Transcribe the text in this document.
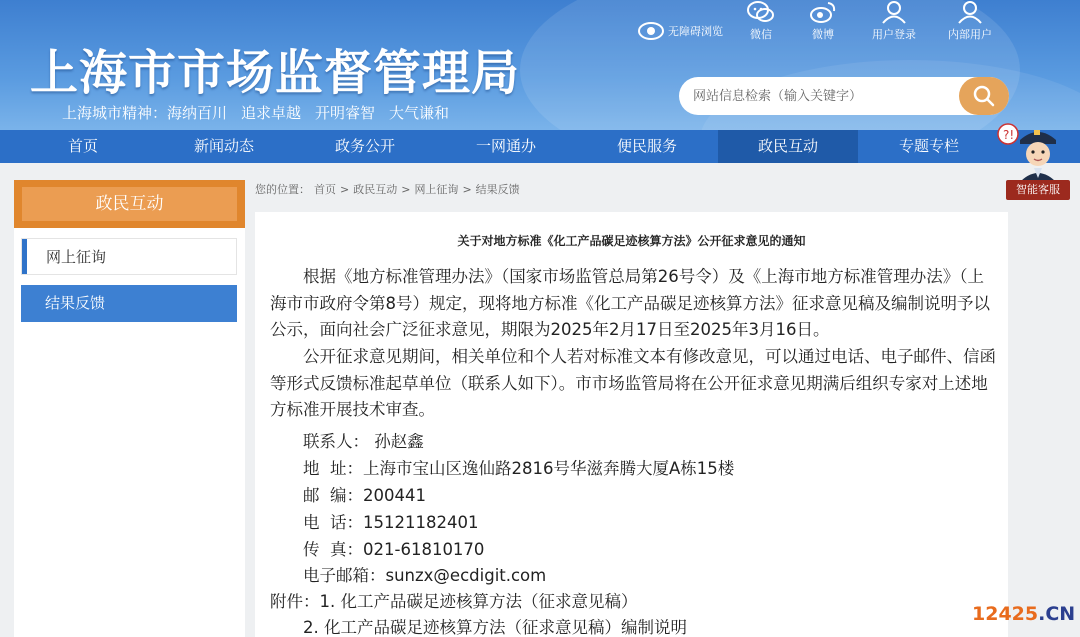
上海市市场监督管理局
上海城市精神：海纳百川 追求卓越 开明睿智 大气谦和
无障碍浏览	微信	微博	用户登录	内部用户
网站信息检索（输入关键字）
首页	新闻动态	政务公开	一网通办	便民服务	政民互动	专题专栏
?!
智能客服
政民互动
网上征询
结果反馈
您的位置： 首页 > 政民互动 > 网上征询 > 结果反馈
关于对地方标准《化工产品碳足迹核算方法》公开征求意见的通知
根据《地方标准管理办法》（国家市场监管总局第26号令）及《上海市地方标准管理办法》（上海市市政府令第8号）规定，现将地方标准《化工产品碳足迹核算方法》征求意见稿及编制说明予以公示，面向社会广泛征求意见，期限为2025年2月17日至2025年3月16日。
公开征求意见期间，相关单位和个人若对标准文本有修改意见，可以通过电话、电子邮件、信函等形式反馈标准起草单位（联系人如下）。市市场监管局将在公开征求意见期满后组织专家对上述地方标准开展技术审查。
联系人： 孙赵鑫
地  址：上海市宝山区逸仙路2816号华滋奔腾大厦A栋15楼
邮  编：200441
电  话：15121182401
传  真：021-61810170
电子邮箱：sunzx@ecdigit.com
附件：1. 化工产品碳足迹核算方法（征求意见稿）
2. 化工产品碳足迹核算方法（征求意见稿）编制说明
12425.CN
